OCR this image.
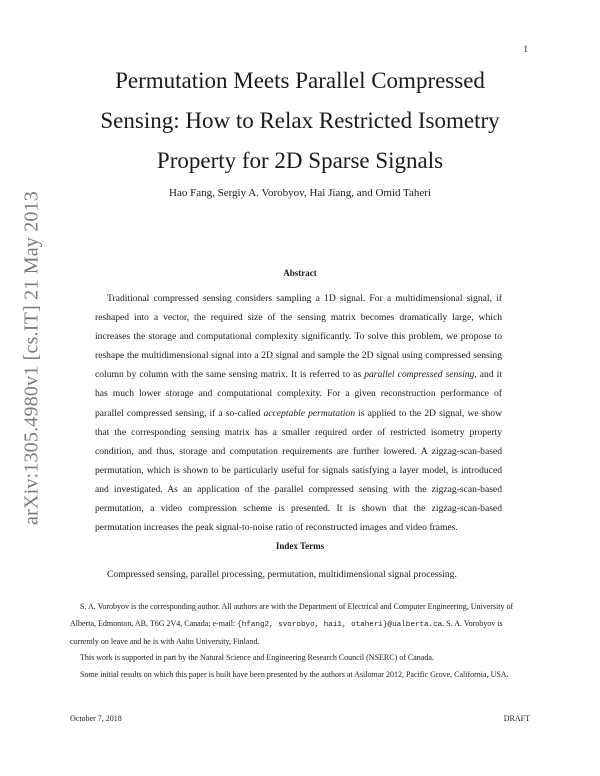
1
arXiv:1305.4980v1 [cs.IT] 21 May 2013
Permutation Meets Parallel Compressed
Sensing: How to Relax Restricted Isometry
Property for 2D Sparse Signals
Hao Fang, Sergiy A. Vorobyov, Hai Jiang, and Omid Taheri
Abstract

Traditional compressed sensing considers sampling a 1D signal. For a multidimensional signal, if reshaped into a vector, the required size of the sensing matrix becomes dramatically large, which increases the storage and computational complexity significantly. To solve this problem, we propose to reshape the multidimensional signal into a 2D signal and sample the 2D signal using compressed sensing column by column with the same sensing matrix. It is referred to as parallel compressed sensing, and it has much lower storage and computational complexity. For a given reconstruction performance of parallel compressed sensing, if a so-called acceptable permutation is applied to the 2D signal, we show that the corresponding sensing matrix has a smaller required order of restricted isometry property condition, and thus, storage and computation requirements are further lowered. A zigzag-scan-based permutation, which is shown to be particularly useful for signals satisfying a layer model, is introduced and investigated. As an application of the parallel compressed sensing with the zigzag-scan-based permutation, a video compression scheme is presented. It is shown that the zigzag-scan-based permutation increases the peak signal-to-noise ratio of reconstructed images and video frames.

Index Terms
Compressed sensing, parallel processing, permutation, multidimensional signal processing.

S. A. Vorobyov is the corresponding author. All authors are with the Department of Electrical and Computer Engineering, University of Alberta, Edmonton, AB, T6G 2V4, Canada; e-mail: {hfang2, svorobyo, hai1, otaheri}@ualberta.ca. S. A. Vorobyov is currently on leave and he is with Aalto University, Finland.

This work is supported in part by the Natural Science and Engineering Research Council (NSERC) of Canada.

Some initial results on which this paper is built have been presented by the authors at Asilomar 2012, Pacific Grove, California, USA.

October 7, 2018	DRAFT
